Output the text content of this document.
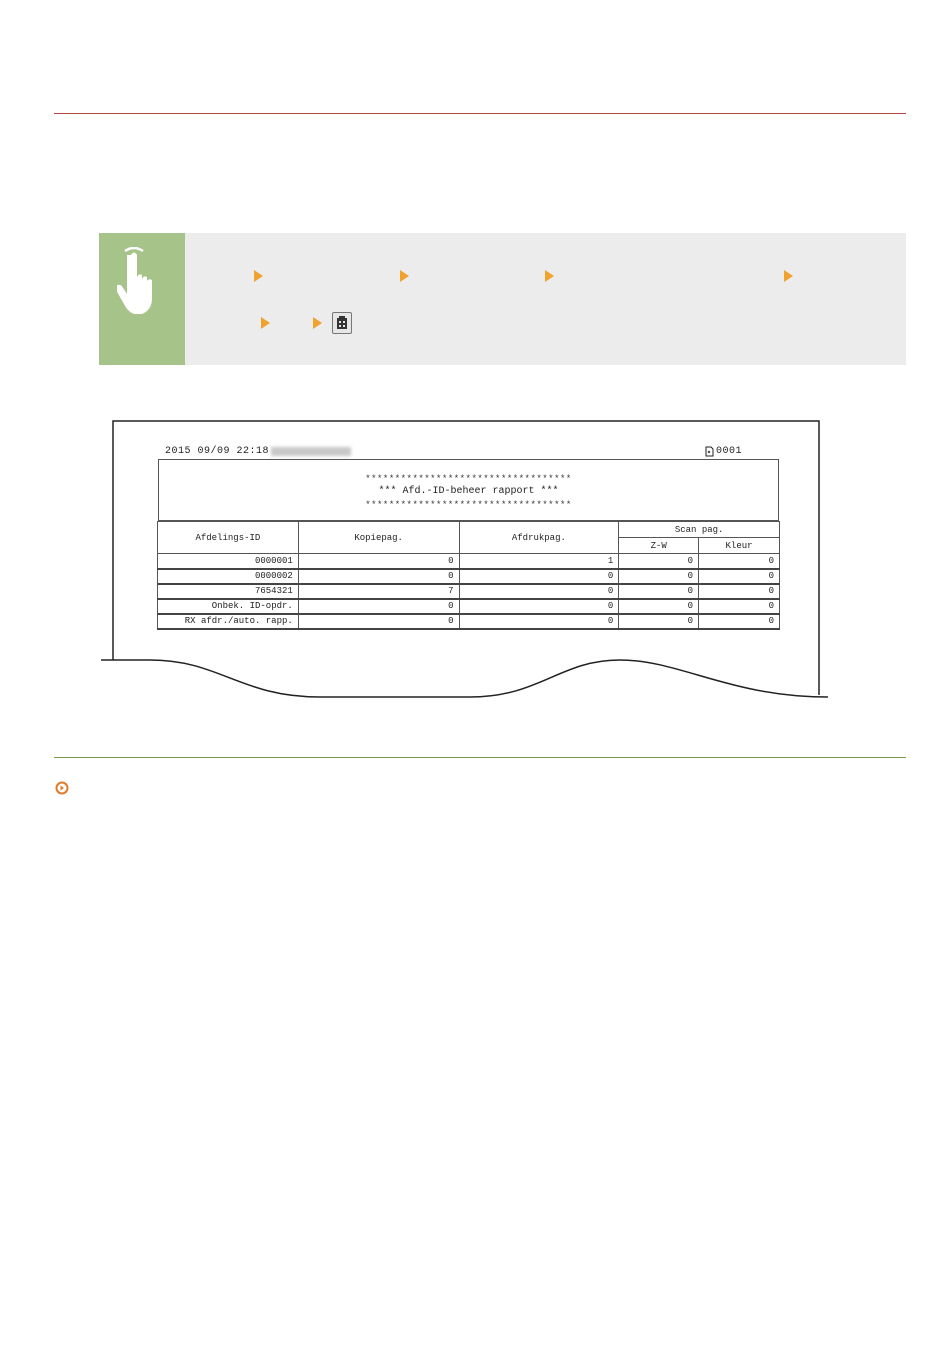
2015 09/09 22:18	0001
***********************************
*** Afd.-ID-beheer rapport ***
***********************************
Afdelings-ID	Kopiepag.	Afdrukpag.	Scan pag.	
			Z-W	Kleur
0000001	0	1	0	0
0000002	0	0	0	0
7654321	7	0	0	0
Onbek. ID-opdr.	0	0	0	0
RX afdr./auto. rapp.	0	0	0	0
